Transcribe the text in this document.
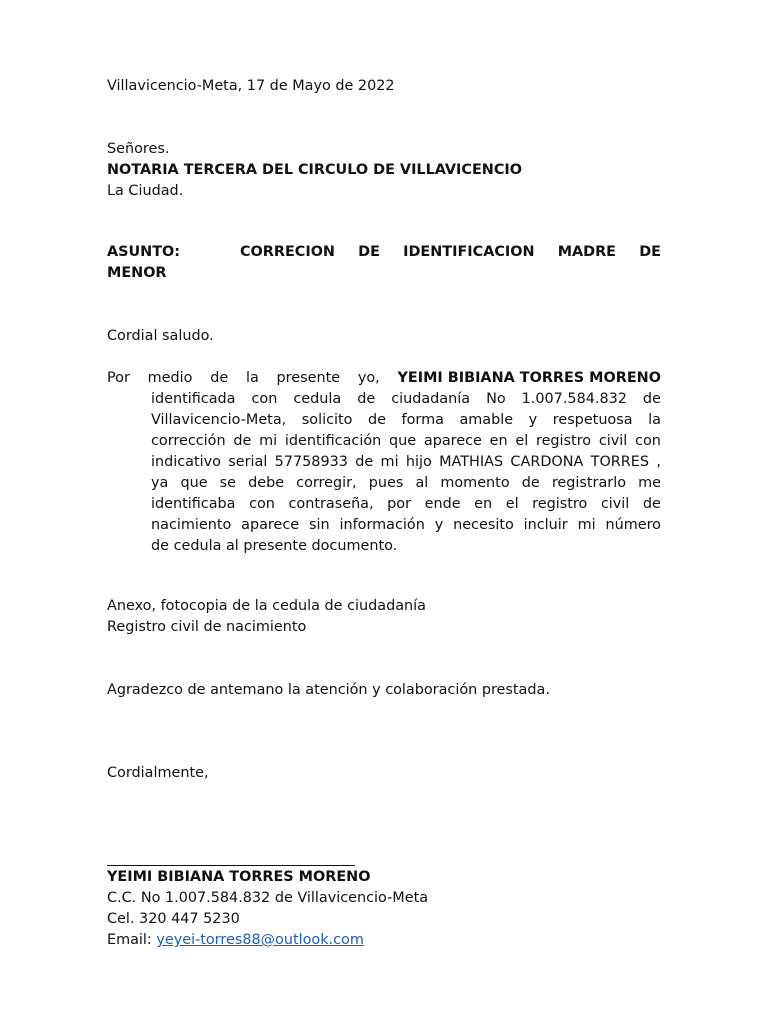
Villavicencio-Meta, 17 de Mayo de 2022
Señores.
NOTARIA TERCERA DEL CIRCULO DE VILLAVICENCIO
La Ciudad.
ASUNTO:	CORRECION DE IDENTIFICACION MADRE DE
MENOR
Cordial saludo.
Por medio de la presente yo, YEIMI BIBIANA TORRES MORENO
identificada con cedula de ciudadanía No 1.007.584.832 de
Villavicencio-Meta, solicito de forma amable y respetuosa la
corrección de mi identificación que aparece en el registro civil con
indicativo serial 57758933 de mi hijo MATHIAS CARDONA TORRES ,
ya que se debe corregir, pues al momento de registrarlo me
identificaba con contraseña, por ende en el registro civil de
nacimiento aparece sin información y necesito incluir mi número
de cedula al presente documento.
Anexo, fotocopia de la cedula de ciudadanía
Registro civil de nacimiento
Agradezco de antemano la atención y colaboración prestada.
Cordialmente,
YEIMI BIBIANA TORRES MORENO
C.C. No 1.007.584.832 de Villavicencio-Meta
Cel. 320 447 5230
Email: yeyei-torres88@outlook.com
